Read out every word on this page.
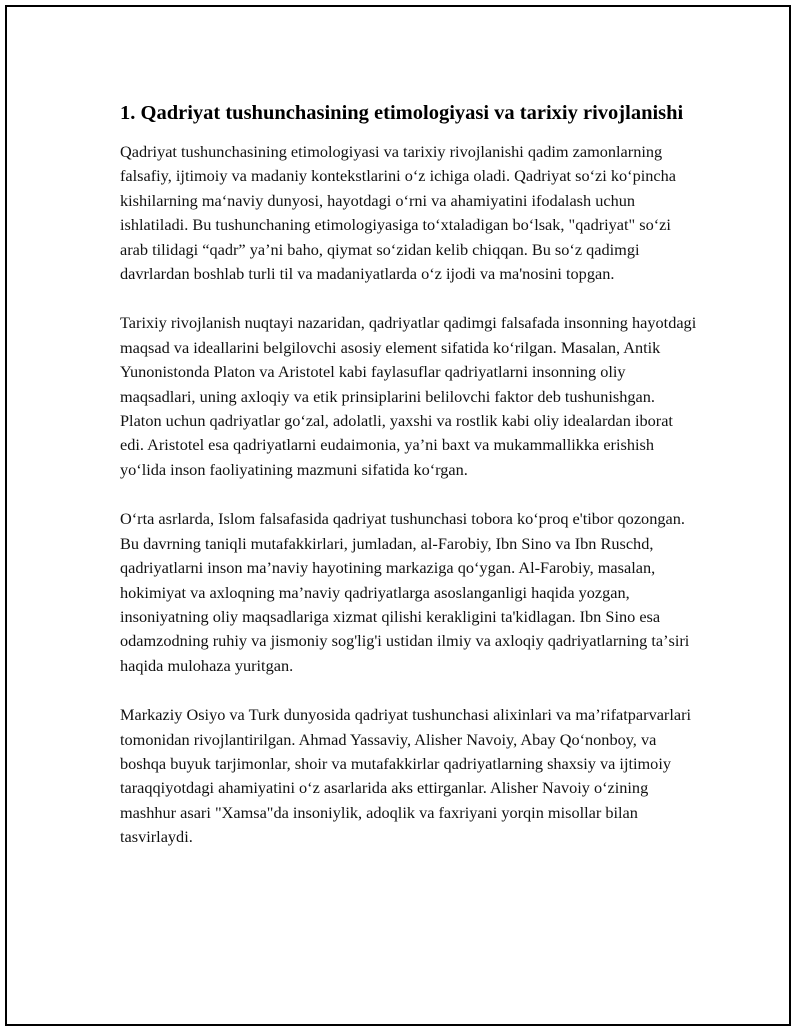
1. Qadriyat tushunchasining etimologiyasi va tarixiy rivojlanishi

Qadriyat tushunchasining etimologiyasi va tarixiy rivojlanishi qadim zamonlarning falsafiy, ijtimoiy va madaniy kontekstlarini oʻz ichiga oladi. Qadriyat soʻzi koʻpincha kishilarning maʻnaviy dunyosi, hayotdagi oʻrni va ahamiyatini ifodalash uchun ishlatiladi. Bu tushunchaning etimologiyasiga toʻxtaladigan boʻlsak, "qadriyat" soʻzi arab tilidagi “qadr” yaʼni baho, qiymat soʻzidan kelib chiqqan. Bu soʻz qadimgi davrlardan boshlab turli til va madaniyatlarda oʻz ijodi va ma'nosini topgan.

Tarixiy rivojlanish nuqtayi nazaridan, qadriyatlar qadimgi falsafada insonning hayotdagi maqsad va ideallarini belgilovchi asosiy element sifatida koʻrilgan. Masalan, Antik Yunonistonda Platon va Aristotel kabi faylasuflar qadriyatlarni insonning oliy maqsadlari, uning axloqiy va etik prinsiplarini belilovchi faktor deb tushunishgan. Platon uchun qadriyatlar goʻzal, adolatli, yaxshi va rostlik kabi oliy idealardan iborat edi. Aristotel esa qadriyatlarni eudaimonia, yaʼni baxt va mukammallikka erishish yoʻlida inson faoliyatining mazmuni sifatida koʻrgan.

Oʻrta asrlarda, Islom falsafasida qadriyat tushunchasi tobora koʻproq e'tibor qozongan. Bu davrning taniqli mutafakkirlari, jumladan, al-Farobiy, Ibn Sino va Ibn Ruschd, qadriyatlarni inson maʼnaviy hayotining markaziga qoʻygan. Al-Farobiy, masalan, hokimiyat va axloqning maʼnaviy qadriyatlarga asoslanganligi haqida yozgan, insoniyatning oliy maqsadlariga xizmat qilishi kerakligini ta'kidlagan. Ibn Sino esa odamzodning ruhiy va jismoniy sog'lig'i ustidan ilmiy va axloqiy qadriyatlarning taʼsiri haqida mulohaza yuritgan.

Markaziy Osiyo va Turk dunyosida qadriyat tushunchasi alixinlari va maʼrifatparvarlari tomonidan rivojlantirilgan. Ahmad Yassaviy, Alisher Navoiy, Abay Qoʻnonboy, va boshqa buyuk tarjimonlar, shoir va mutafakkirlar qadriyatlarning shaxsiy va ijtimoiy taraqqiyotdagi ahamiyatini oʻz asarlarida aks ettirganlar. Alisher Navoiy oʻzining mashhur asari "Xamsa"da insoniylik, adoqlik va faxriyani yorqin misollar bilan tasvirlaydi.
